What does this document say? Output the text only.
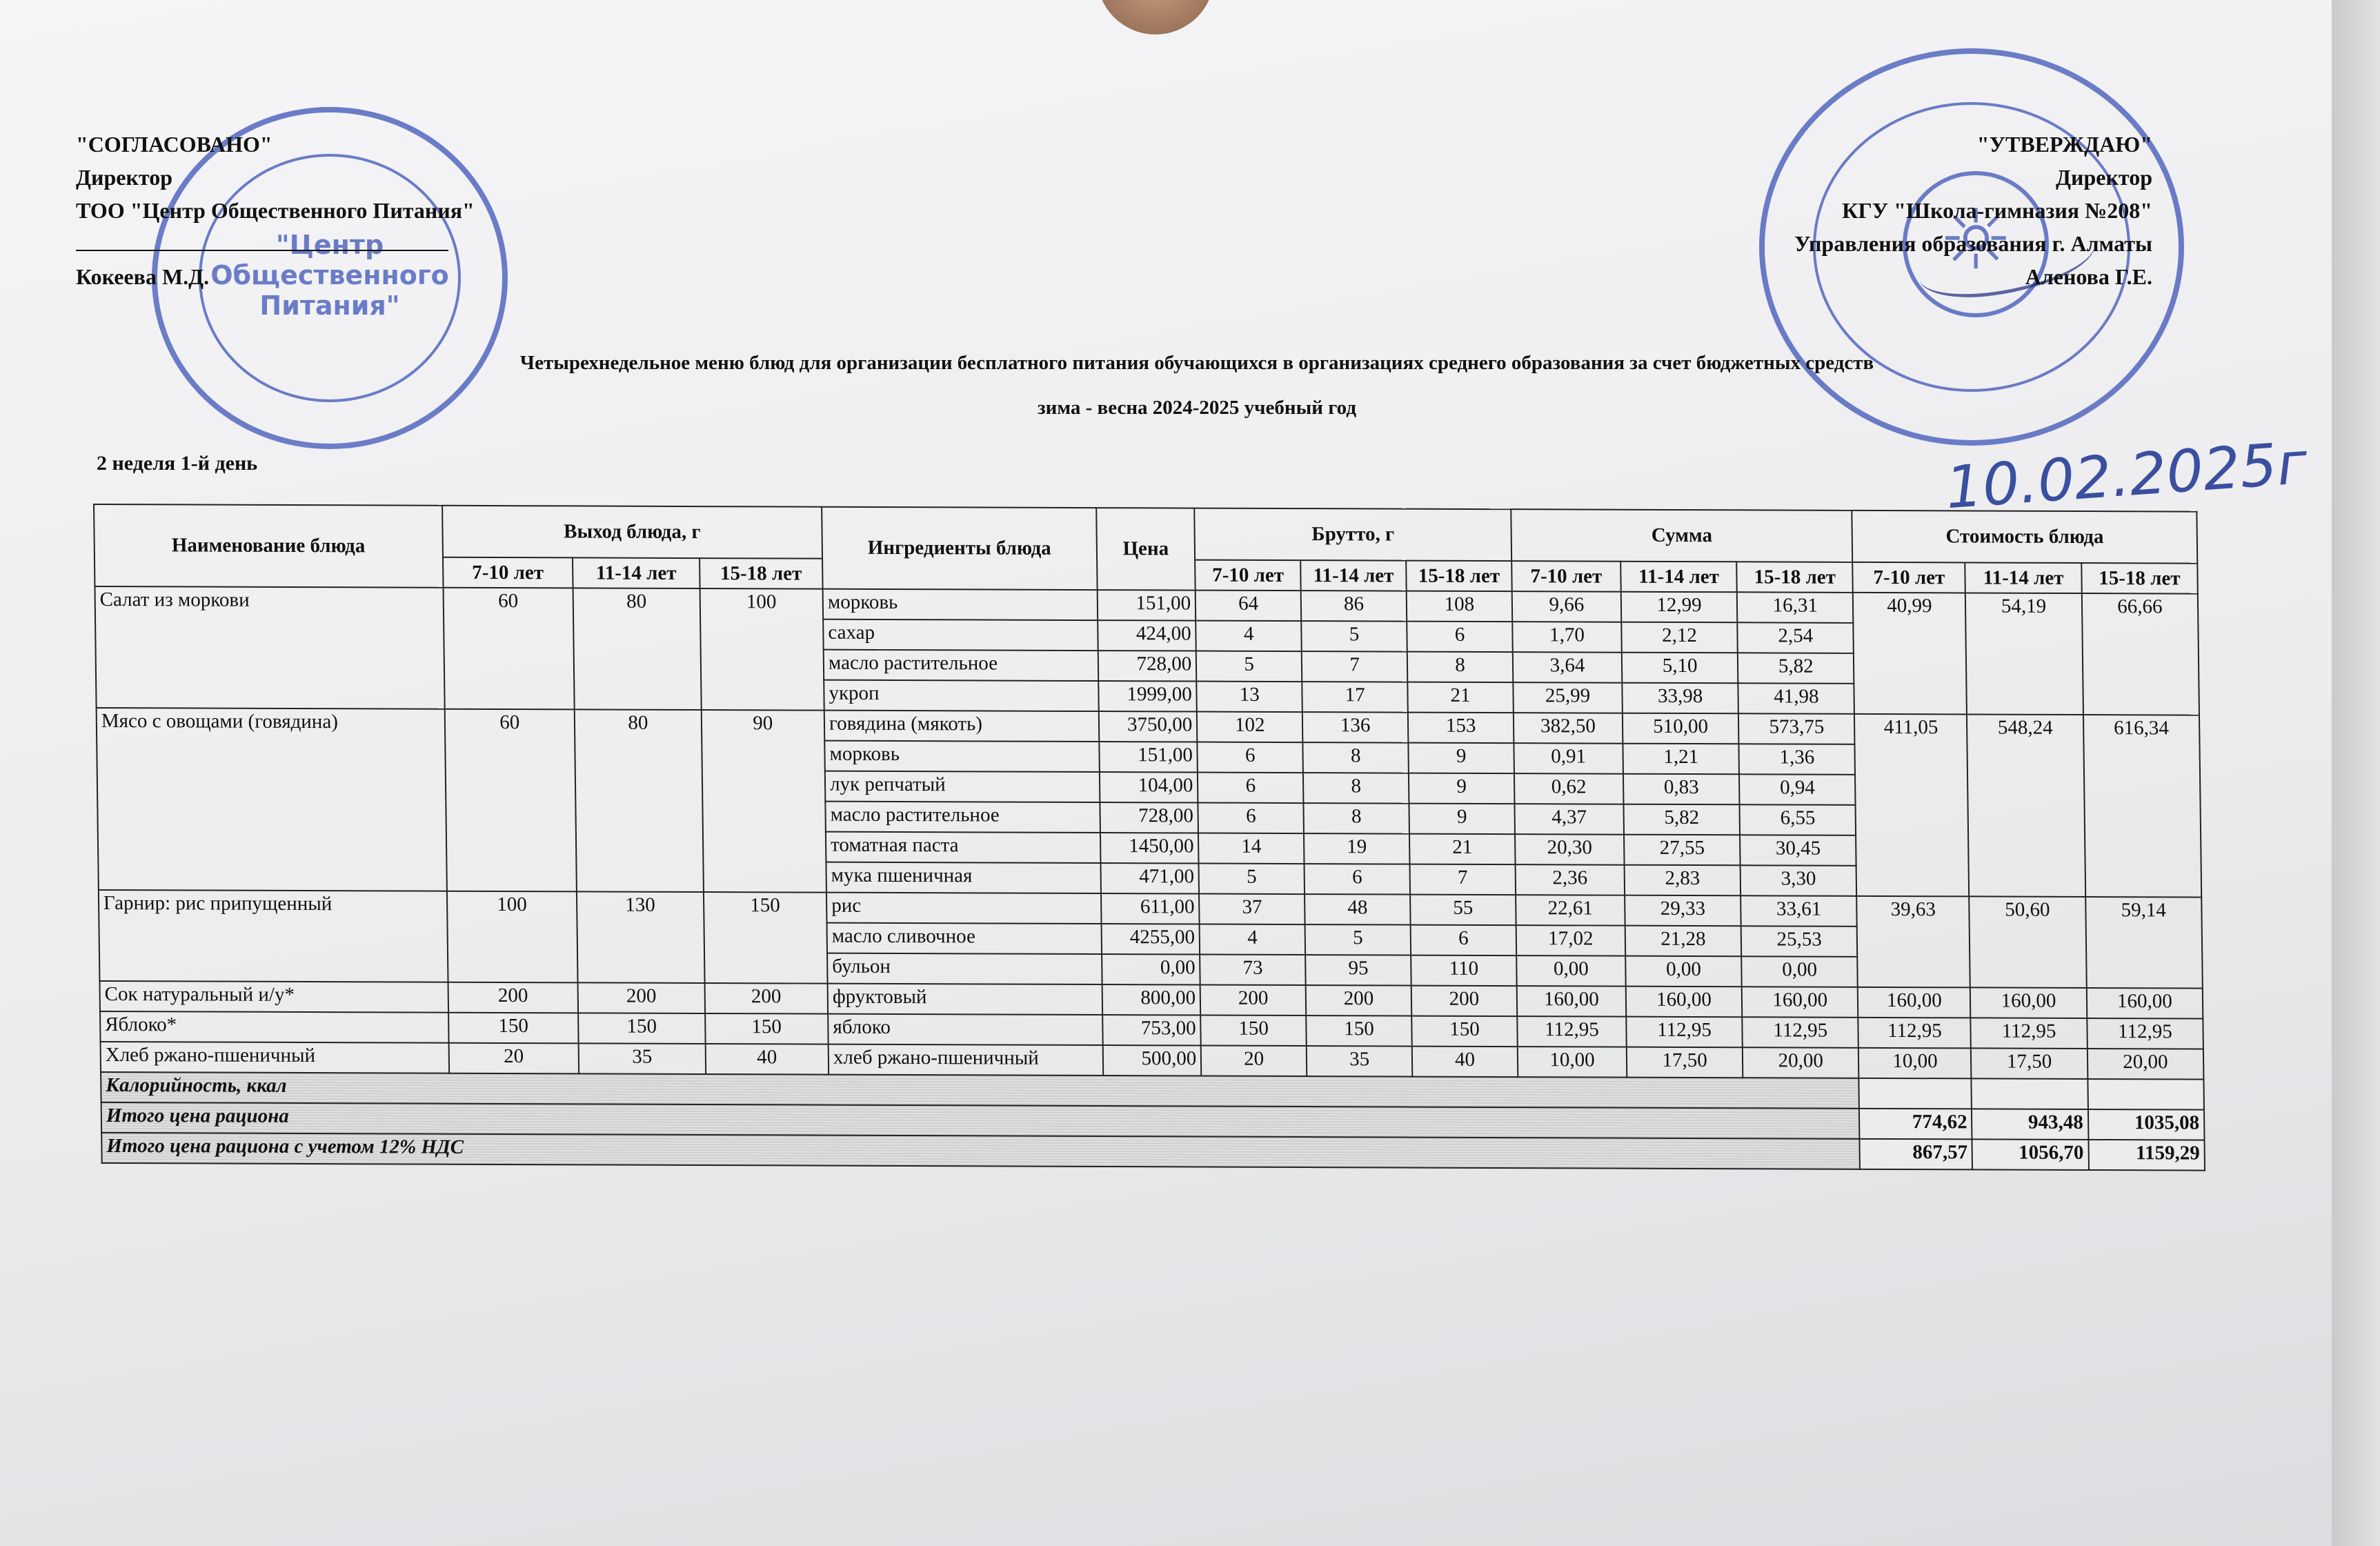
"Центр Общественного Питания"
☼
"СОГЛАСОВАНО"
Директор
ТОО "Центр Общественного Питания"
Кокеева М.Д.
"УТВЕРЖДАЮ"
Директор
КГУ "Школа-гимназия №208"
Управления образования г. Алматы
Аленова Г.Е.
Четырехнедельное меню блюд для организации бесплатного питания обучающихся в организациях среднего образования за счет бюджетных средств
зима - весна 2024-2025 учебный год
2 неделя 1-й день	10.02.2025г
Наименование блюда	Выход блюда, г			Ингредиенты блюда	Цена	Брутто, г			Сумма			Стоимость блюда		
	7-10 лет	11-14 лет	15-18 лет			7-10 лет	11-14 лет	15-18 лет	7-10 лет	11-14 лет	15-18 лет	7-10 лет	11-14 лет	15-18 лет
Салат из моркови	60	80	100	морковь	151,00	64	86	108	9,66	12,99	16,31	40,99	54,19	66,66
				сахар	424,00	4	5	6	1,70	2,12	2,54			
				масло растительное	728,00	5	7	8	3,64	5,10	5,82			
				укроп	1999,00	13	17	21	25,99	33,98	41,98			
Мясо с овощами (говядина)	60	80	90	говядина (мякоть)	3750,00	102	136	153	382,50	510,00	573,75	411,05	548,24	616,34
				морковь	151,00	6	8	9	0,91	1,21	1,36			
				лук репчатый	104,00	6	8	9	0,62	0,83	0,94			
				масло растительное	728,00	6	8	9	4,37	5,82	6,55			
				томатная паста	1450,00	14	19	21	20,30	27,55	30,45			
				мука пшеничная	471,00	5	6	7	2,36	2,83	3,30			
Гарнир: рис припущенный	100	130	150	рис	611,00	37	48	55	22,61	29,33	33,61	39,63	50,60	59,14
				масло сливочное	4255,00	4	5	6	17,02	21,28	25,53			
				бульон	0,00	73	95	110	0,00	0,00	0,00			
Сок натуральный и/у*	200	200	200	фруктовый	800,00	200	200	200	160,00	160,00	160,00	160,00	160,00	160,00
Яблоко*	150	150	150	яблоко	753,00	150	150	150	112,95	112,95	112,95	112,95	112,95	112,95
Хлеб ржано-пшеничный	20	35	40	хлеб ржано-пшеничный	500,00	20	35	40	10,00	17,50	20,00	10,00	17,50	20,00
Калорийность, ккал														
Итого цена рациона												774,62	943,48	1035,08
Итого цена рациона с учетом 12% НДС												867,57	1056,70	1159,29
